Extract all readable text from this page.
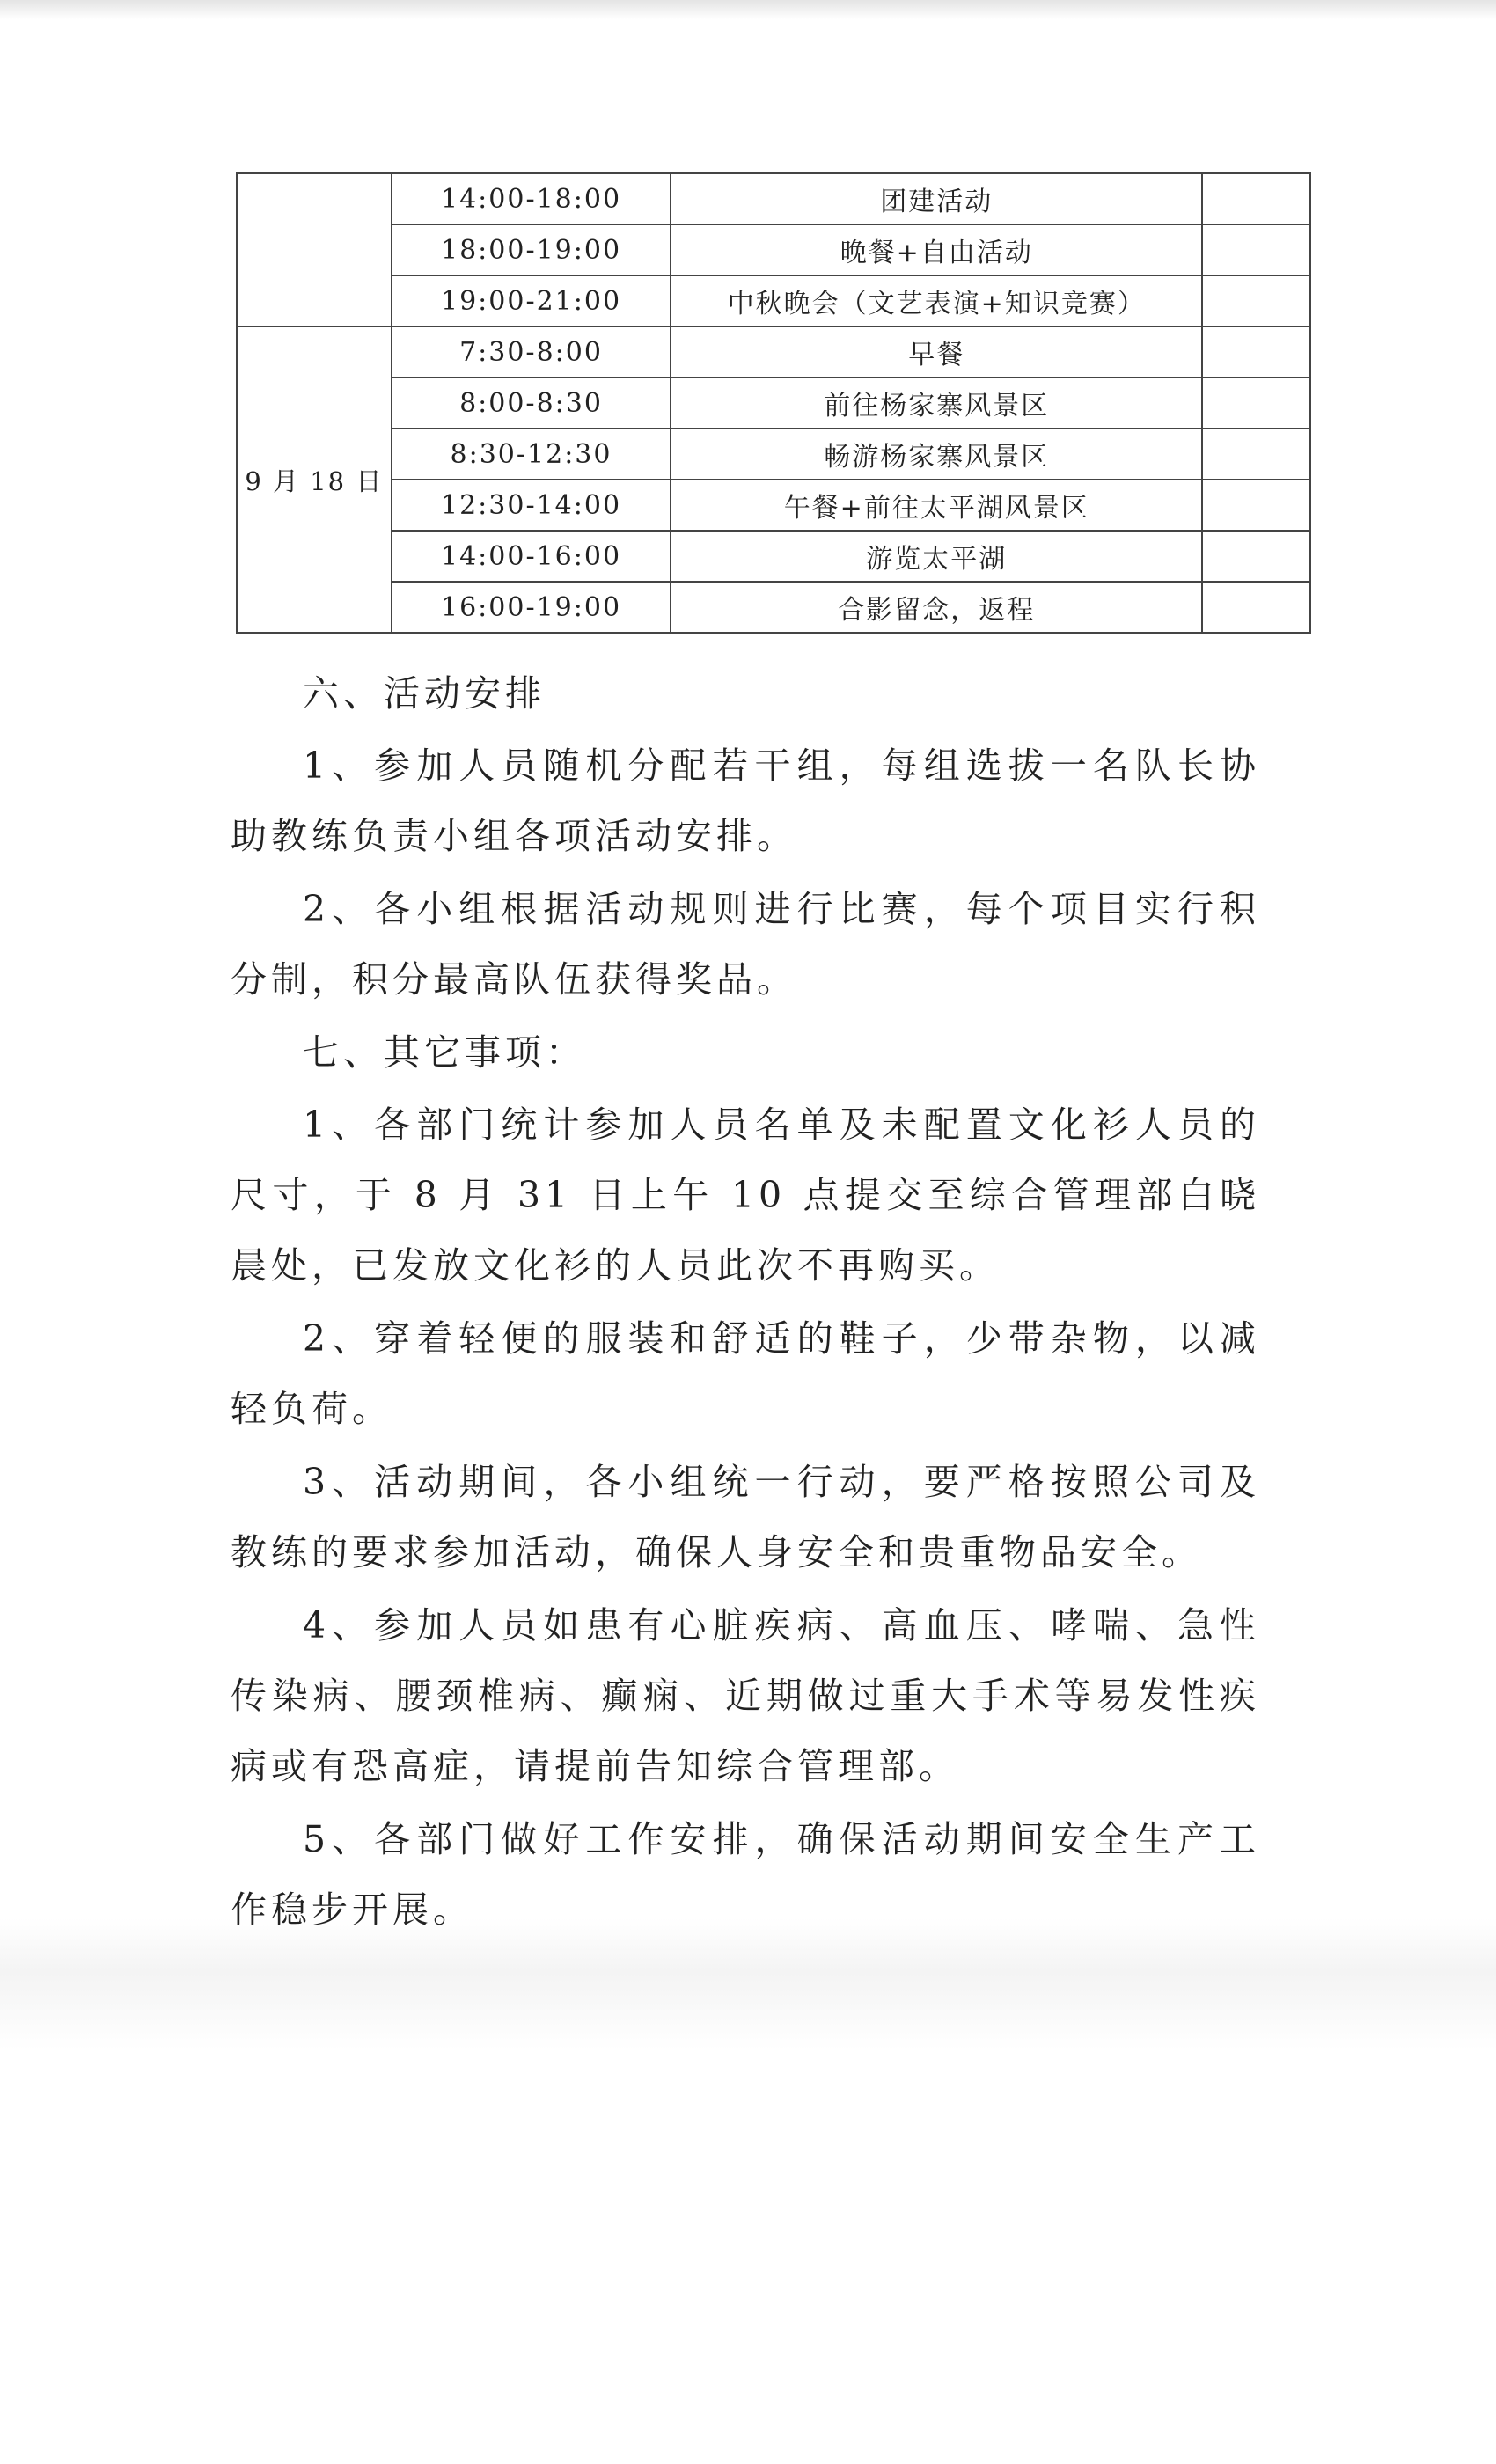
	14:00-18:00	团建活动	
	18:00-19:00	晚餐+自由活动	
	19:00-21:00	中秋晚会（文艺表演+知识竞赛）	
9 月 18 日	7:30-8:00	早餐	
	8:00-8:30	前往杨家寨风景区	
	8:30-12:30	畅游杨家寨风景区	
	12:30-14:00	午餐+前往太平湖风景区	
	14:00-16:00	游览太平湖	
	16:00-19:00	合影留念，返程	

六、活动安排

1、参加人员随机分配若干组，每组选拔一名队长协助教练负责小组各项活动安排。

2、各小组根据活动规则进行比赛，每个项目实行积分制，积分最高队伍获得奖品。

七、其它事项：

1、各部门统计参加人员名单及未配置文化衫人员的尺寸，于 8 月 31 日上午 10 点提交至综合管理部白晓晨处，已发放文化衫的人员此次不再购买。

2、穿着轻便的服装和舒适的鞋子，少带杂物，以减轻负荷。

3、活动期间，各小组统一行动，要严格按照公司及教练的要求参加活动，确保人身安全和贵重物品安全。

4、参加人员如患有心脏疾病、高血压、哮喘、急性传染病、腰颈椎病、癫痫、近期做过重大手术等易发性疾病或有恐高症，请提前告知综合管理部。

5、各部门做好工作安排，确保活动期间安全生产工作稳步开展。
